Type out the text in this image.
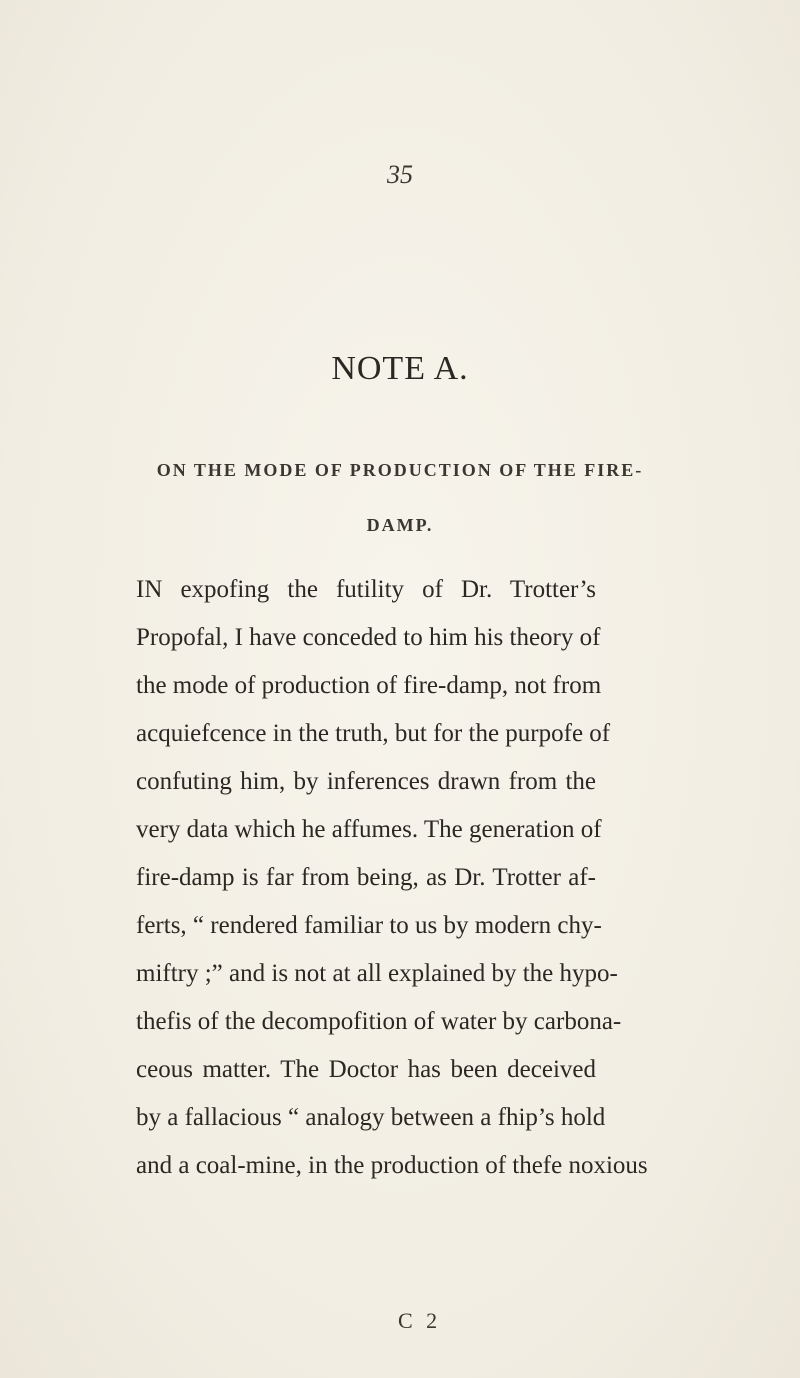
35
NOTE A.
ON THE MODE OF PRODUCTION OF THE FIRE-
DAMP.
IN expofing the futility of Dr. Trotter’s
Propofal, I have conceded to him his theory of
the mode of production of fire-damp, not from
acquiefcence in the truth, but for the purpofe of
confuting him, by inferences drawn from the
very data which he affumes. The generation of
fire-damp is far from being, as Dr. Trotter af-
ferts, “ rendered familiar to us by modern chy-
miftry ;” and is not at all explained by the hypo-
thefis of the decompofition of water by carbona-
ceous matter. The Doctor has been deceived
by a fallacious “ analogy between a fhip’s hold
and a coal-mine, in the production of thefe noxious
C 2
